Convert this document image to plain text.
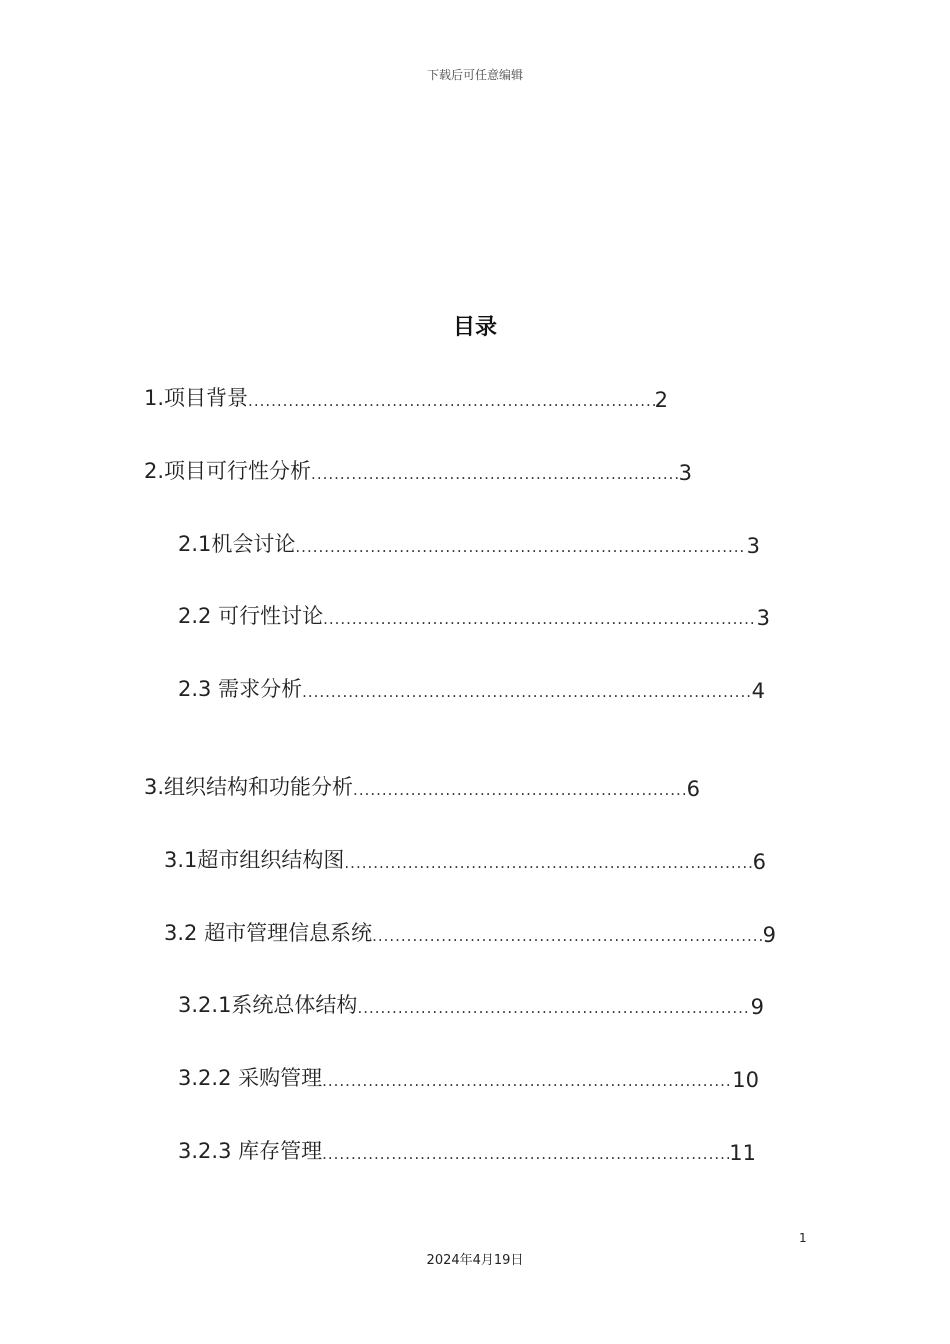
下载后可任意编辑
目录
1.项目背景 .....	2
2.项目可行性分析 .....	3
2.1机会讨论 .....	3
2.2 可行性讨论 .....	3
2.3 需求分析 .....	4
3.组织结构和功能分析 .....	6
3.1超市组织结构图 .....	6
3.2 超市管理信息系统 .....	9
3.2.1系统总体结构 .....	9
3.2.2 采购管理 .....	10
3.2.3 库存管理 .....	11
1
2024年4月19日
